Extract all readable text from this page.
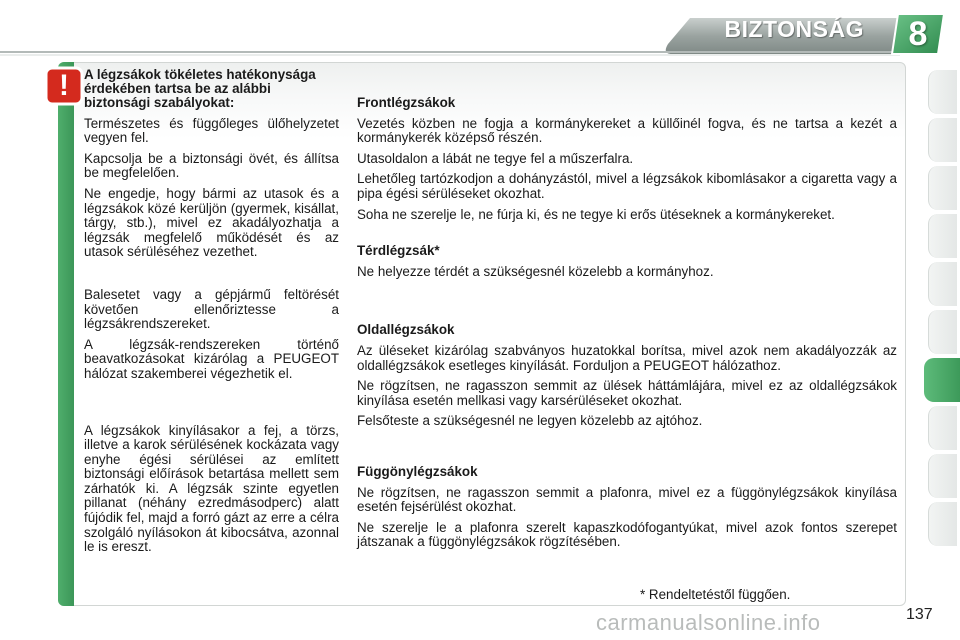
BIZTONSÁG	8
!	A légzsákok tökéletes hatékonysága érdekében tartsa be az alábbi biztonsági szabályokat:

Természetes és függőleges ülőhelyzetet vegyen fel.

Kapcsolja be a biztonsági övét, és állítsa be megfelelően.

Ne engedje, hogy bármi az utasok és a légzsákok közé kerüljön (gyermek, kisállat, tárgy, stb.), mivel ez akadályozhatja a légzsák megfelelő működését és az utasok sérüléséhez vezethet.

Balesetet vagy a gépjármű feltörését követően ellenőriztesse a légzsákrendszereket.

A légzsák-rendszereken történő beavatkozásokat kizárólag a PEUGEOT hálózat szakemberei végezhetik el.

A légzsákok kinyílásakor a fej, a törzs, illetve a karok sérülésének kockázata vagy enyhe égési sérülései az említett biztonsági előírások betartása mellett sem zárhatók ki. A légzsák szinte egyetlen pillanat (néhány ezredmásodperc) alatt fújódik fel, majd a forró gázt az erre a célra szolgáló nyílásokon át kibocsátva, azonnal le is ereszt.

Frontlégzsákok

Vezetés közben ne fogja a kormánykereket a küllőinél fogva, és ne tartsa a kezét a kormánykerék középső részén.

Utasoldalon a lábát ne tegye fel a műszerfalra.

Lehetőleg tartózkodjon a dohányzástól, mivel a légzsákok kibomlásakor a cigaretta vagy a pipa égési sérüléseket okozhat.

Soha ne szerelje le, ne fúrja ki, és ne tegye ki erős ütéseknek a kormánykereket.

Térdlégzsák*

Ne helyezze térdét a szükségesnél közelebb a kormányhoz.

Oldallégzsákok

Az üléseket kizárólag szabványos huzatokkal borítsa, mivel azok nem akadályozzák az oldallégzsákok esetleges kinyílását. Forduljon a PEUGEOT hálózathoz.

Ne rögzítsen, ne ragasszon semmit az ülések háttámlájára, mivel ez az oldallégzsákok kinyílása esetén mellkasi vagy karsérüléseket okozhat.

Felsőteste a szükségesnél ne legyen közelebb az ajtóhoz.

Függönylégzsákok

Ne rögzítsen, ne ragasszon semmit a plafonra, mivel ez a függönylégzsákok kinyílása esetén fejsérülést okozhat.

Ne szerelje le a plafonra szerelt kapaszkodófogantyúkat, mivel azok fontos szerepet játszanak a függönylégzsákok rögzítésében.

* Rendeltetéstől függően.
carmanualsonline.info	137
